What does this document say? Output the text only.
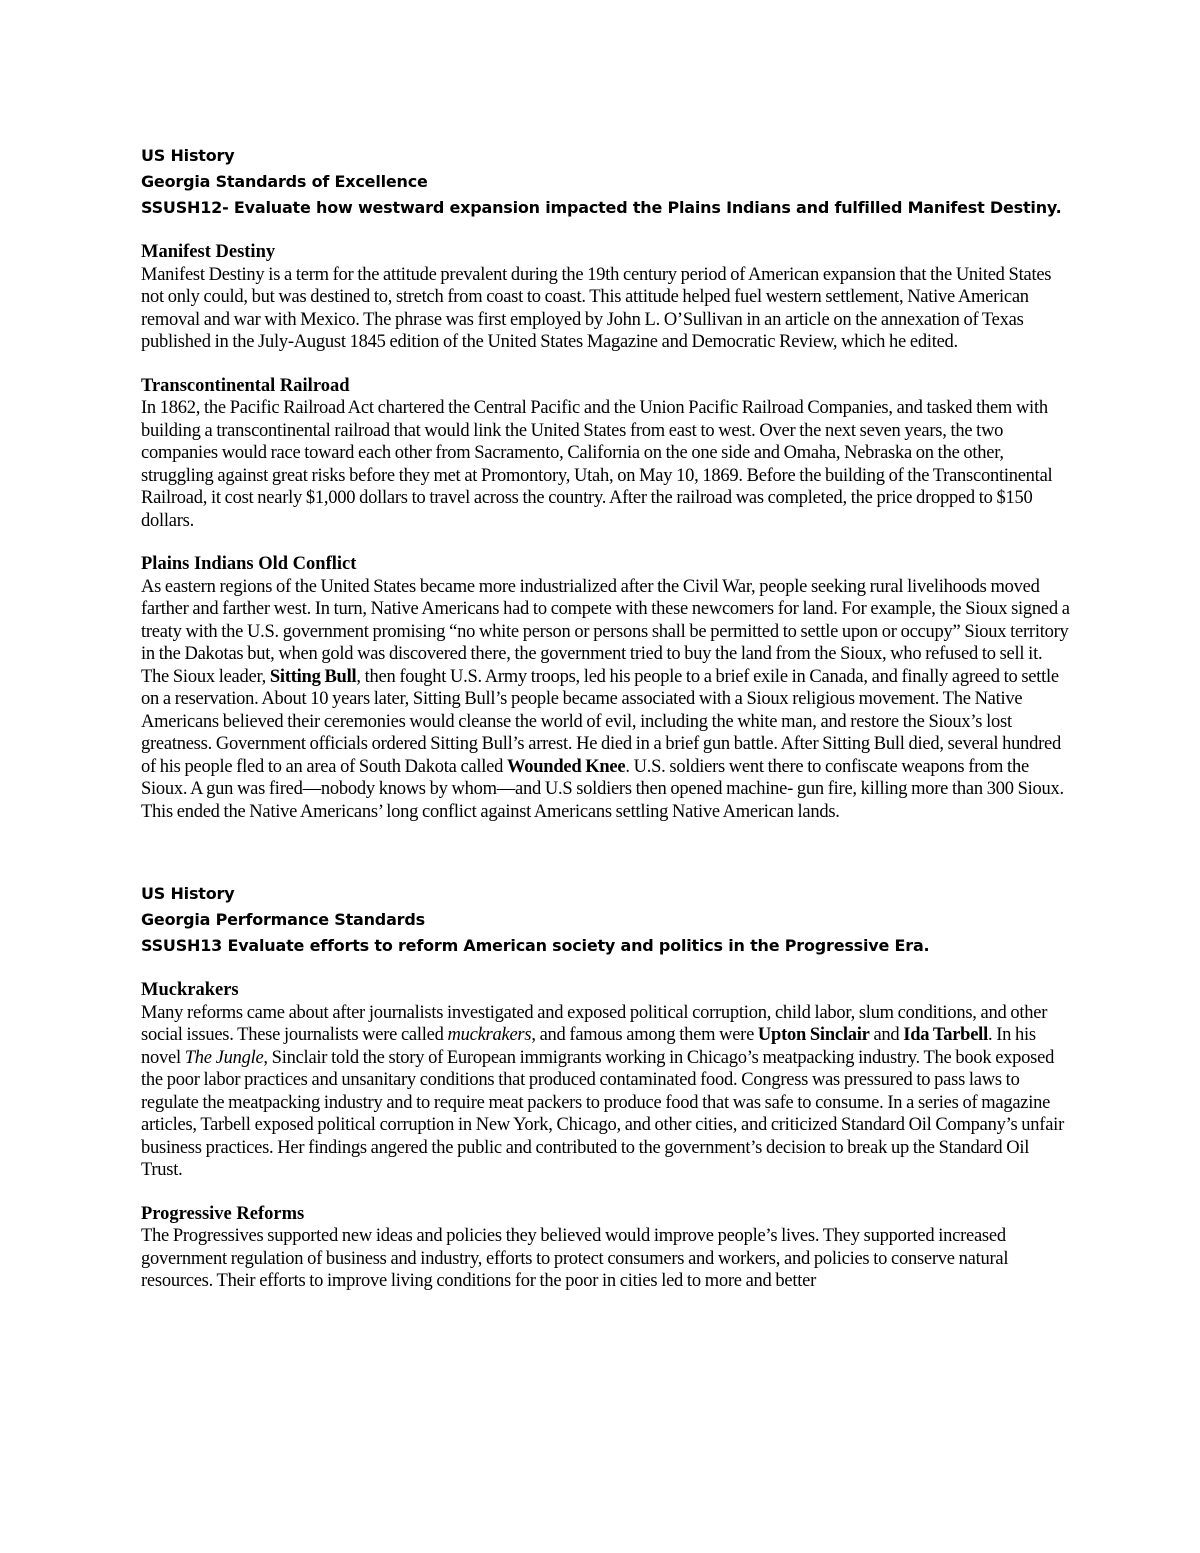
US History

Georgia Standards of Excellence

SSUSH12- Evaluate how westward expansion impacted the Plains Indians and fulfilled Manifest Destiny.

Manifest Destiny

Manifest Destiny is a term for the attitude prevalent during the 19th century period of American expansion that the United States not only could, but was destined to, stretch from coast to coast. This attitude helped fuel western settlement, Native American removal and war with Mexico. The phrase was first employed by John L. O’Sullivan in an article on the annexation of Texas published in the July-August 1845 edition of the United States Magazine and Democratic Review, which he edited.

Transcontinental Railroad

In 1862, the Pacific Railroad Act chartered the Central Pacific and the Union Pacific Railroad Companies, and tasked them with building a transcontinental railroad that would link the United States from east to west. Over the next seven years, the two companies would race toward each other from Sacramento, California on the one side and Omaha, Nebraska on the other, struggling against great risks before they met at Promontory, Utah, on May 10, 1869. Before the building of the Transcontinental Railroad, it cost nearly $1,000 dollars to travel across the country. After the railroad was completed, the price dropped to $150 dollars.

Plains Indians Old Conflict

As eastern regions of the United States became more industrialized after the Civil War, people seeking rural livelihoods moved farther and farther west. In turn, Native Americans had to compete with these newcomers for land. For example, the Sioux signed a treaty with the U.S. government promising “no white person or persons shall be permitted to settle upon or occupy” Sioux territory in the Dakotas but, when gold was discovered there, the government tried to buy the land from the Sioux, who refused to sell it. The Sioux leader, Sitting Bull, then fought U.S. Army troops, led his people to a brief exile in Canada, and finally agreed to settle on a reservation. About 10 years later, Sitting Bull’s people became associated with a Sioux religious movement. The Native Americans believed their ceremonies would cleanse the world of evil, including the white man, and restore the Sioux’s lost greatness. Government officials ordered Sitting Bull’s arrest. He died in a brief gun battle. After Sitting Bull died, several hundred of his people fled to an area of South Dakota called Wounded Knee. U.S. soldiers went there to confiscate weapons from the Sioux. A gun was fired—nobody knows by whom—and U.S soldiers then opened machine- gun fire, killing more than 300 Sioux. This ended the Native Americans’ long conflict against Americans settling Native American lands.

US History

Georgia Performance Standards

SSUSH13 Evaluate efforts to reform American society and politics in the Progressive Era.

Muckrakers

Many reforms came about after journalists investigated and exposed political corruption, child labor, slum conditions, and other social issues. These journalists were called muckrakers, and famous among them were Upton Sinclair and Ida Tarbell. In his novel The Jungle, Sinclair told the story of European immigrants working in Chicago’s meatpacking industry. The book exposed the poor labor practices and unsanitary conditions that produced contaminated food. Congress was pressured to pass laws to regulate the meatpacking industry and to require meat packers to produce food that was safe to consume. In a series of magazine articles, Tarbell exposed political corruption in New York, Chicago, and other cities, and criticized Standard Oil Company’s unfair business practices. Her findings angered the public and contributed to the government’s decision to break up the Standard Oil Trust.

Progressive Reforms

The Progressives supported new ideas and policies they believed would improve people’s lives. They supported increased government regulation of business and industry, efforts to protect consumers and workers, and policies to conserve natural resources. Their efforts to improve living conditions for the poor in cities led to more and better
